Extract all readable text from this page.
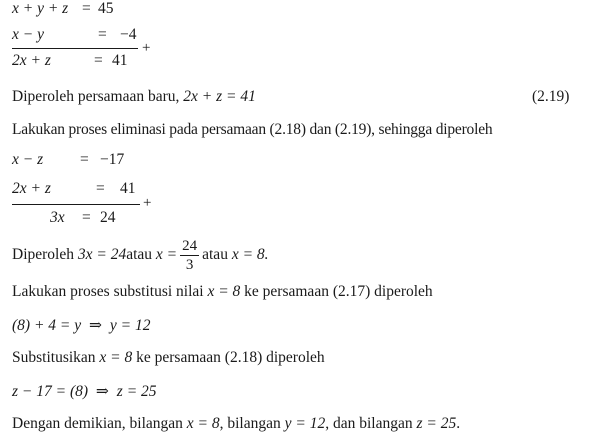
x + y + z = 45
x − y	= −4
+
2x + z	= 41
Diperoleh persamaan baru, 2x + z = 41	(2.19)
Lakukan proses eliminasi pada persamaan (2.18) dan (2.19), sehingga diperoleh
x − z = −17
2x + z	= 41
+
3x = 24
Diperoleh
3x = 24 atau
$x = \frac{24}{3}$ atau
x = 8.
Lakukan proses substitusi nilai x = 8 ke persamaan (2.17) diperoleh
(8) + 4 = y ⇒ y = 12
Substitusikan x = 8 ke persamaan (2.18) diperoleh
z − 17 = (8) ⇒ z = 25
Dengan demikian, bilangan x = 8, bilangan y = 12, dan bilangan z = 25.
